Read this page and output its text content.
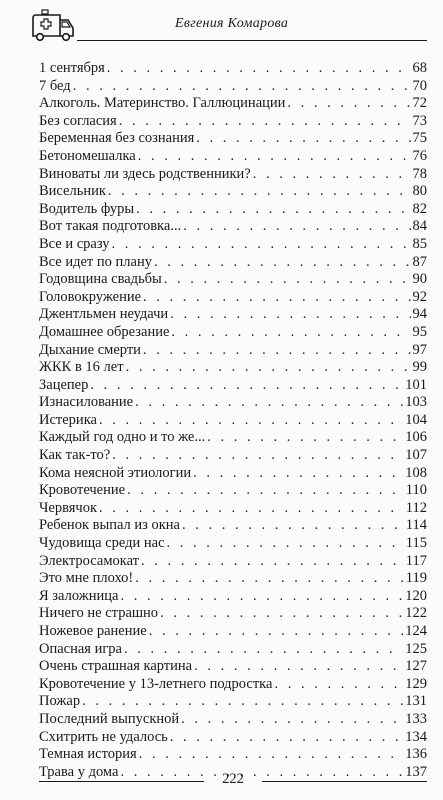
Евгения Комарова
1 сентября . . .	68
7 бед . . .	70
Алкоголь. Материнство. Галлюцинации . . .	72
Без согласия . . .	73
Беременная без сознания . . .	75
Бетономешалка . . .	76
Виноваты ли здесь родственники? . . .	78
Висельник . . .	80
Водитель фуры . . .	82
Вот такая подготовка... . . .	84
Все и сразу . . .	85
Все идет по плану . . .	87
Годовщина свадьбы . . .	90
Головокружение . . .	92
Джентльмен неудачи . . .	94
Домашнее обрезание . . .	95
Дыхание смерти . . .	97
ЖКК в 16 лет . . .	99
Зацепер . . .	101
Изнасилование . . .	103
Истерика . . .	104
Каждый год одно и то же... . . .	106
Как так-то? . . .	107
Кома неясной этиологии . . .	108
Кровотечение . . .	110
Червячок . . .	112
Ребенок выпал из окна . . .	114
Чудовища среди нас . . .	115
Электросамокат . . .	117
Это мне плохо! . . .	119
Я заложница . . .	120
Ничего не страшно . . .	122
Ножевое ранение . . .	124
Опасная игра . . .	125
Очень страшная картина . . .	127
Кровотечение у 13-летнего подростка . . .	129
Пожар . . .	131
Последний выпускной . . .	133
Схитрить не удалось . . .	134
Темная история . . .	136
Трава у дома . . .	137
222
